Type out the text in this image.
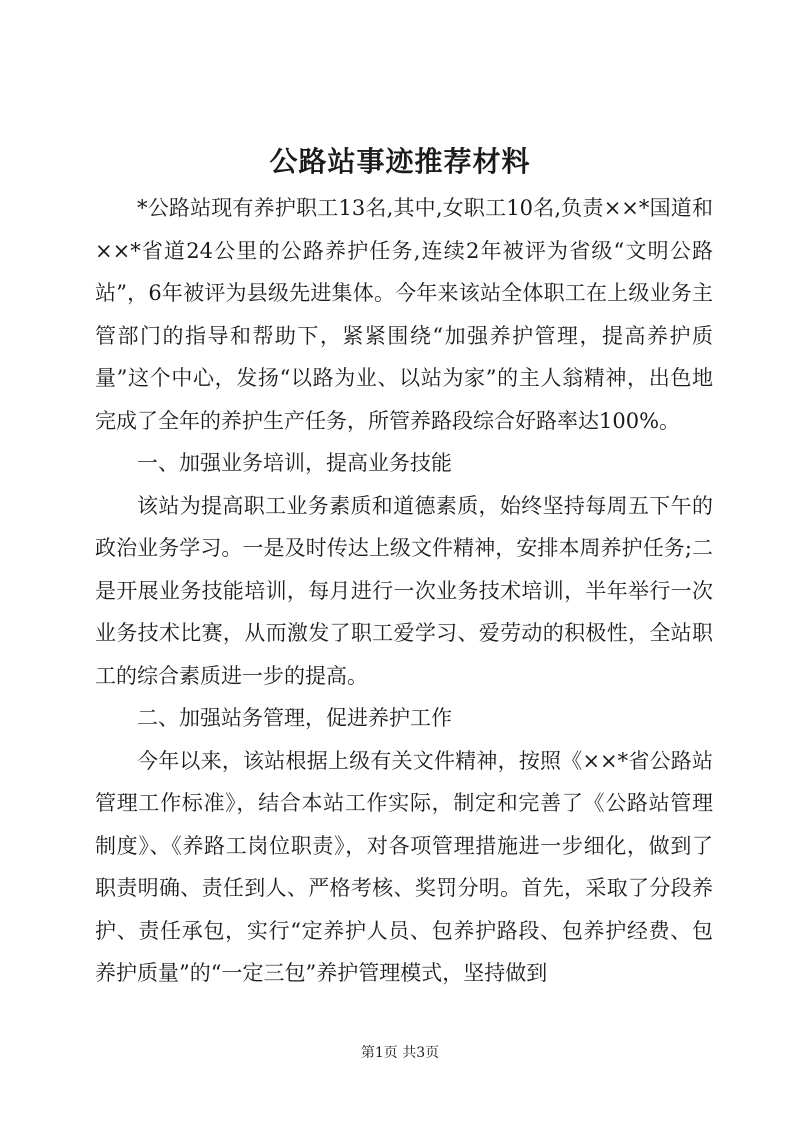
公路站事迹推荐材料

*公路站现有养护职工13名,其中,女职工10名,负责××*国道和××*省道24公里的公路养护任务,连续2年被评为省级“文明公路站”，6年被评为县级先进集体。今年来该站全体职工在上级业务主管部门的指导和帮助下，紧紧围绕“加强养护管理，提高养护质量”这个中心，发扬“以路为业、以站为家”的主人翁精神，出色地完成了全年的养护生产任务，所管养路段综合好路率达100%。

一、加强业务培训，提高业务技能

该站为提高职工业务素质和道德素质，始终坚持每周五下午的政治业务学习。一是及时传达上级文件精神，安排本周养护任务;二是开展业务技能培训，每月进行一次业务技术培训，半年举行一次业务技术比赛，从而激发了职工爱学习、爱劳动的积极性，全站职工的综合素质进一步的提高。

二、加强站务管理，促进养护工作

今年以来，该站根据上级有关文件精神，按照《××*省公路站管理工作标准》，结合本站工作实际，制定和完善了《公路站管理制度》、《养路工岗位职责》，对各项管理措施进一步细化，做到了职责明确、责任到人、严格考核、奖罚分明。首先，采取了分段养护、责任承包，实行“定养护人员、包养护路段、包养护经费、包养护质量”的“一定三包”养护管理模式，坚持做到

第1页 共3页
